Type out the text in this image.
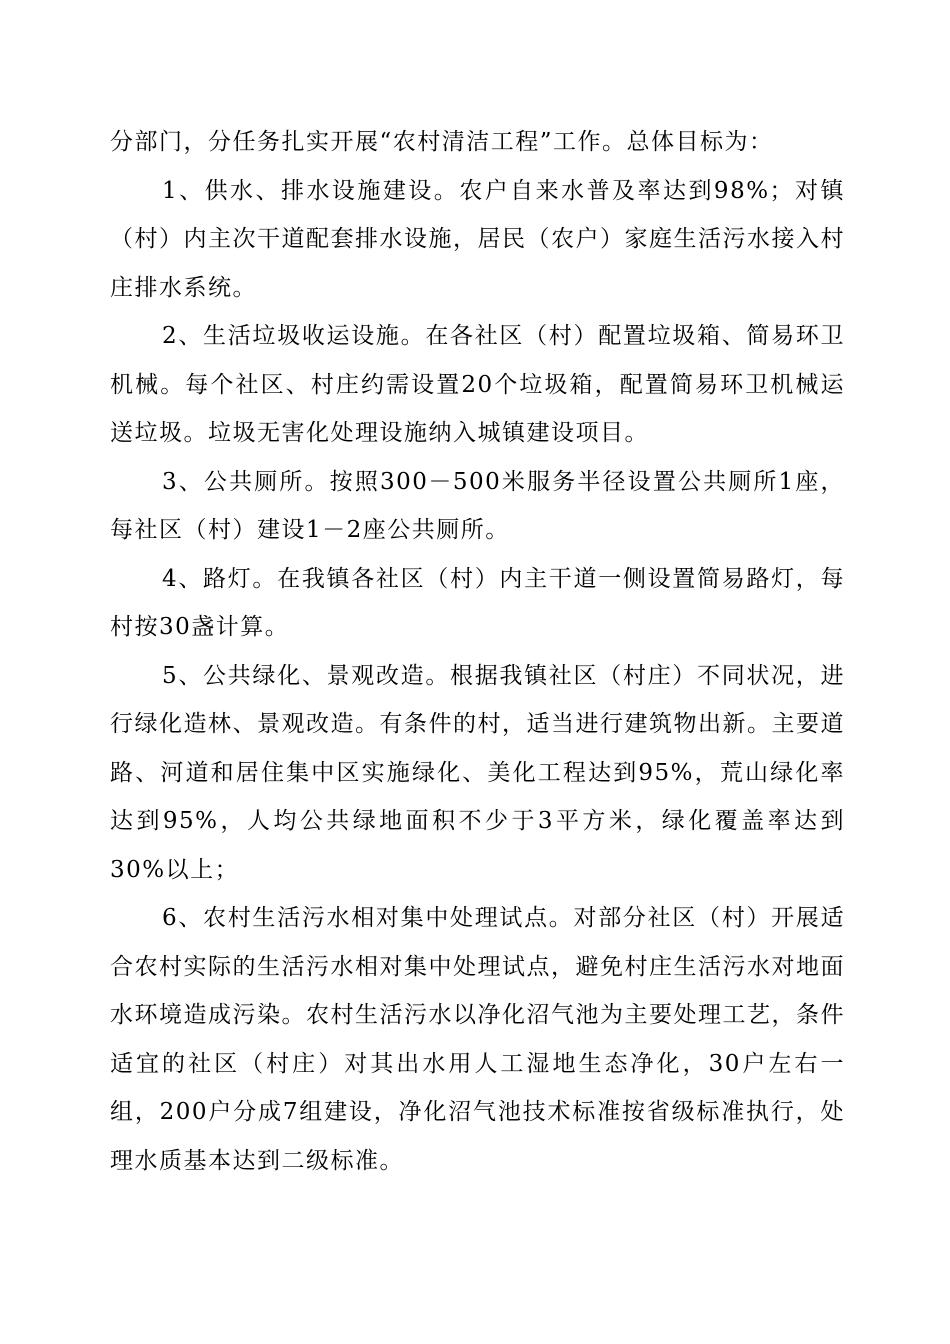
分部门，分任务扎实开展“农村清洁工程”工作。总体目标为：

1、供水、排水设施建设。农户自来水普及率达到98%；对镇（村）内主次干道配套排水设施，居民（农户）家庭生活污水接入村庄排水系统。

2、生活垃圾收运设施。在各社区（村）配置垃圾箱、简易环卫机械。每个社区、村庄约需设置20个垃圾箱，配置简易环卫机械运送垃圾。垃圾无害化处理设施纳入城镇建设项目。

3、公共厕所。按照300－500米服务半径设置公共厕所1座，每社区（村）建设1－2座公共厕所。

4、路灯。在我镇各社区（村）内主干道一侧设置简易路灯，每村按30盏计算。

5、公共绿化、景观改造。根据我镇社区（村庄）不同状况，进行绿化造林、景观改造。有条件的村，适当进行建筑物出新。主要道路、河道和居住集中区实施绿化、美化工程达到95%，荒山绿化率达到95%，人均公共绿地面积不少于3平方米，绿化覆盖率达到30%以上；

6、农村生活污水相对集中处理试点。对部分社区（村）开展适合农村实际的生活污水相对集中处理试点，避免村庄生活污水对地面水环境造成污染。农村生活污水以净化沼气池为主要处理工艺，条件适宜的社区（村庄）对其出水用人工湿地生态净化，30户左右一组，200户分成7组建设，净化沼气池技术标准按省级标准执行，处理水质基本达到二级标准。
